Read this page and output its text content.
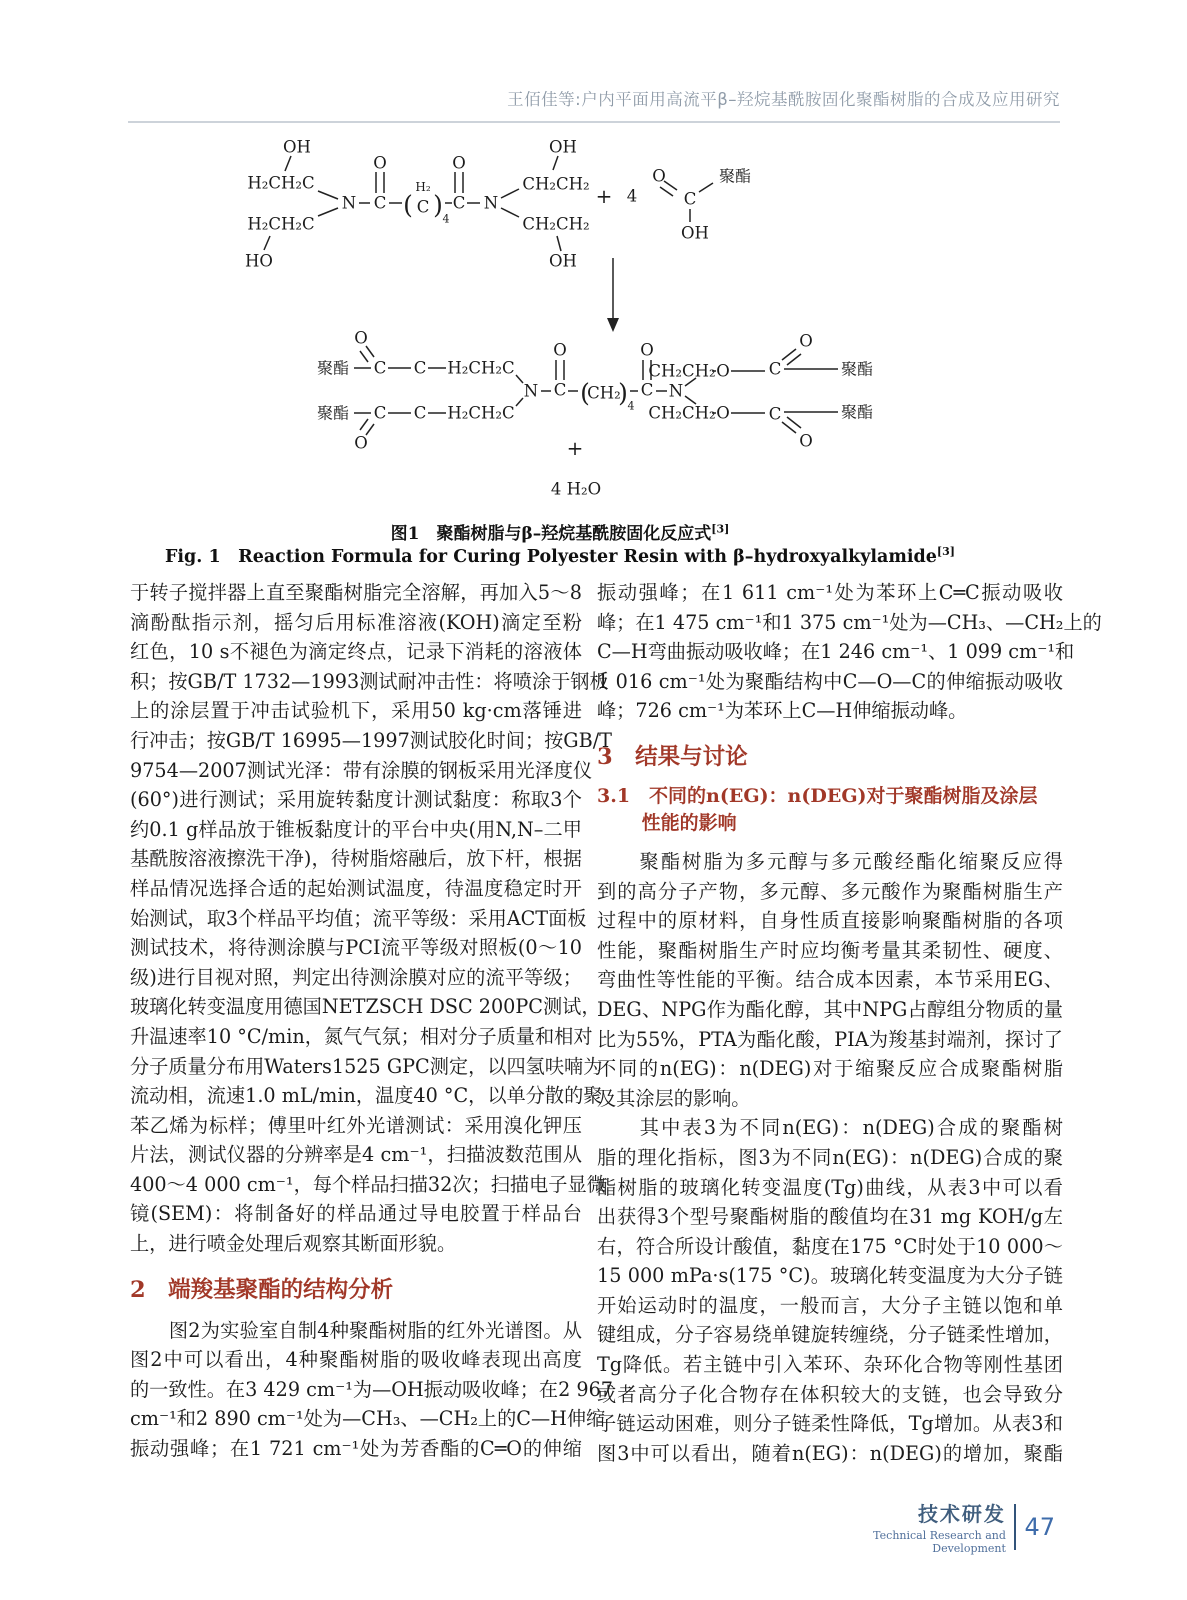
王佰佳等:户内平面用高流平β–羟烷基酰胺固化聚酯树脂的合成及应用研究
OH
H₂CH₂C
H₂CH₂C
HO
N C
O
(
H₂
C ) 4
C
O
N
CH₂CH₂
OH
CH₂CH₂
OH
+ 4
O
C
聚酯
OH
聚酯 C
O
C H₂CH₂C
聚酯 C
O
C H₂CH₂C
N C
O
(
CH₂
) 4
C
O
N
CH₂CH₂ O C
O
聚酯
CH₂CH₂ O C
O
聚酯
+
4 H₂O
图1　聚酯树脂与β–羟烷基酰胺固化反应式[3]
Fig. 1　Reaction Formula for Curing Polyester Resin with β–hydroxyalkylamide[3]
于转子搅拌器上直至聚酯树脂完全溶解，再加入5～8
滴酚酞指示剂，摇匀后用标准溶液(KOH)滴定至粉
红色，10 s不褪色为滴定终点，记录下消耗的溶液体
积；按GB/T 1732—1993测试耐冲击性：将喷涂于钢板
上的涂层置于冲击试验机下，采用50 kg·cm落锤进
行冲击；按GB/T 16995—1997测试胶化时间；按GB/T
9754—2007测试光泽：带有涂膜的钢板采用光泽度仪
(60°)进行测试；采用旋转黏度计测试黏度：称取3个
约0.1 g样品放于锥板黏度计的平台中央(用N,N–二甲
基酰胺溶液擦洗干净)，待树脂熔融后，放下杆，根据
样品情况选择合适的起始测试温度，待温度稳定时开
始测试，取3个样品平均值；流平等级：采用ACT面板
测试技术，将待测涂膜与PCI流平等级对照板(0～10
级)进行目视对照，判定出待测涂膜对应的流平等级；
玻璃化转变温度用德国NETZSCH DSC 200PC测试，
升温速率10 °C/min，氮气气氛；相对分子质量和相对
分子质量分布用Waters1525 GPC测定，以四氢呋喃为
流动相，流速1.0 mL/min，温度40 °C，以单分散的聚
苯乙烯为标样；傅里叶红外光谱测试：采用溴化钾压
片法，测试仪器的分辨率是4 cm⁻¹，扫描波数范围从
400～4 000 cm⁻¹，每个样品扫描32次；扫描电子显微
镜(SEM)：将制备好的样品通过导电胶置于样品台
上，进行喷金处理后观察其断面形貌。
2　端羧基聚酯的结构分析
　　图2为实验室自制4种聚酯树脂的红外光谱图。从
图2中可以看出，4种聚酯树脂的吸收峰表现出高度
的一致性。在3 429 cm⁻¹为—OH振动吸收峰；在2 967
cm⁻¹和2 890 cm⁻¹处为—CH₃、—CH₂上的C—H伸缩
振动强峰；在1 721 cm⁻¹处为芳香酯的C═O的伸缩
振动强峰；在1 611 cm⁻¹处为苯环上C═C振动吸收
峰；在1 475 cm⁻¹和1 375 cm⁻¹处为—CH₃、—CH₂上的
C—H弯曲振动吸收峰；在1 246 cm⁻¹、1 099 cm⁻¹和
1 016 cm⁻¹处为聚酯结构中C—O—C的伸缩振动吸收
峰；726 cm⁻¹为苯环上C—H伸缩振动峰。
3　结果与讨论
3.1　不同的n(EG)：n(DEG)对于聚酯树脂及涂层
　　 性能的影响
　　聚酯树脂为多元醇与多元酸经酯化缩聚反应得
到的高分子产物，多元醇、多元酸作为聚酯树脂生产
过程中的原材料，自身性质直接影响聚酯树脂的各项
性能，聚酯树脂生产时应均衡考量其柔韧性、硬度、
弯曲性等性能的平衡。结合成本因素，本节采用EG、
DEG、NPG作为酯化醇，其中NPG占醇组分物质的量
比为55%，PTA为酯化酸，PIA为羧基封端剂，探讨了
不同的n(EG)：n(DEG)对于缩聚反应合成聚酯树脂
及其涂层的影响。
　　其中表3为不同n(EG)：n(DEG)合成的聚酯树
脂的理化指标，图3为不同n(EG)：n(DEG)合成的聚
酯树脂的玻璃化转变温度(Tg)曲线，从表3中可以看
出获得3个型号聚酯树脂的酸值均在31 mg KOH/g左
右，符合所设计酸值，黏度在175 °C时处于10 000～
15 000 mPa·s(175 °C)。玻璃化转变温度为大分子链
开始运动时的温度，一般而言，大分子主链以饱和单
键组成，分子容易绕单键旋转缠绕，分子链柔性增加，
Tg降低。若主链中引入苯环、杂环化合物等刚性基团
或者高分子化合物存在体积较大的支链，也会导致分
子链运动困难，则分子链柔性降低，Tg增加。从表3和
图3中可以看出，随着n(EG)：n(DEG)的增加，聚酯
技术研发
Technical Research and Development
47
